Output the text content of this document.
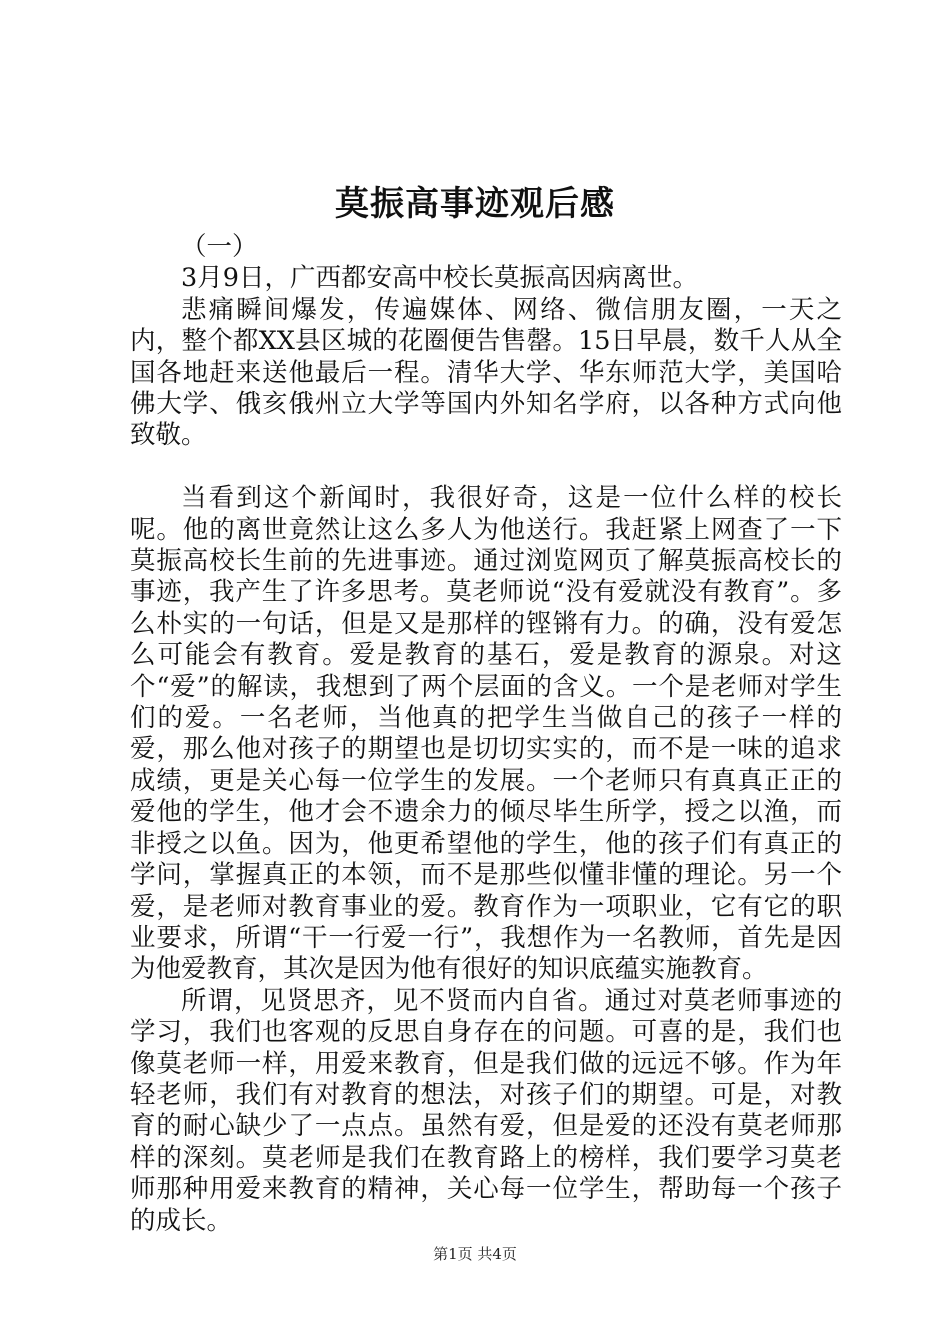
莫振高事迹观后感

（一）

3月9日，广西都安高中校长莫振高因病离世。

悲痛瞬间爆发，传遍媒体、网络、微信朋友圈，一天之内，整个都XX县区城的花圈便告售罄。15日早晨，数千人从全国各地赶来送他最后一程。清华大学、华东师范大学，美国哈佛大学、俄亥俄州立大学等国内外知名学府，以各种方式向他致敬。

当看到这个新闻时，我很好奇，这是一位什么样的校长呢。他的离世竟然让这么多人为他送行。我赶紧上网查了一下莫振高校长生前的先进事迹。通过浏览网页了解莫振高校长的事迹，我产生了许多思考。莫老师说“没有爱就没有教育”。多么朴实的一句话，但是又是那样的铿锵有力。的确，没有爱怎么可能会有教育。爱是教育的基石，爱是教育的源泉。对这个“爱”的解读，我想到了两个层面的含义。一个是老师对学生们的爱。一名老师，当他真的把学生当做自己的孩子一样的爱，那么他对孩子的期望也是切切实实的，而不是一味的追求成绩，更是关心每一位学生的发展。一个老师只有真真正正的爱他的学生，他才会不遗余力的倾尽毕生所学，授之以渔，而非授之以鱼。因为，他更希望他的学生，他的孩子们有真正的学问，掌握真正的本领，而不是那些似懂非懂的理论。另一个爱，是老师对教育事业的爱。教育作为一项职业，它有它的职业要求，所谓“干一行爱一行”，我想作为一名教师，首先是因为他爱教育，其次是因为他有很好的知识底蕴实施教育。

所谓，见贤思齐，见不贤而内自省。通过对莫老师事迹的学习，我们也客观的反思自身存在的问题。可喜的是，我们也像莫老师一样，用爱来教育，但是我们做的远远不够。作为年轻老师，我们有对教育的想法，对孩子们的期望。可是，对教育的耐心缺少了一点点。虽然有爱，但是爱的还没有莫老师那样的深刻。莫老师是我们在教育路上的榜样，我们要学习莫老师那种用爱来教育的精神，关心每一位学生，帮助每一个孩子的成长。

第1页 共4页
